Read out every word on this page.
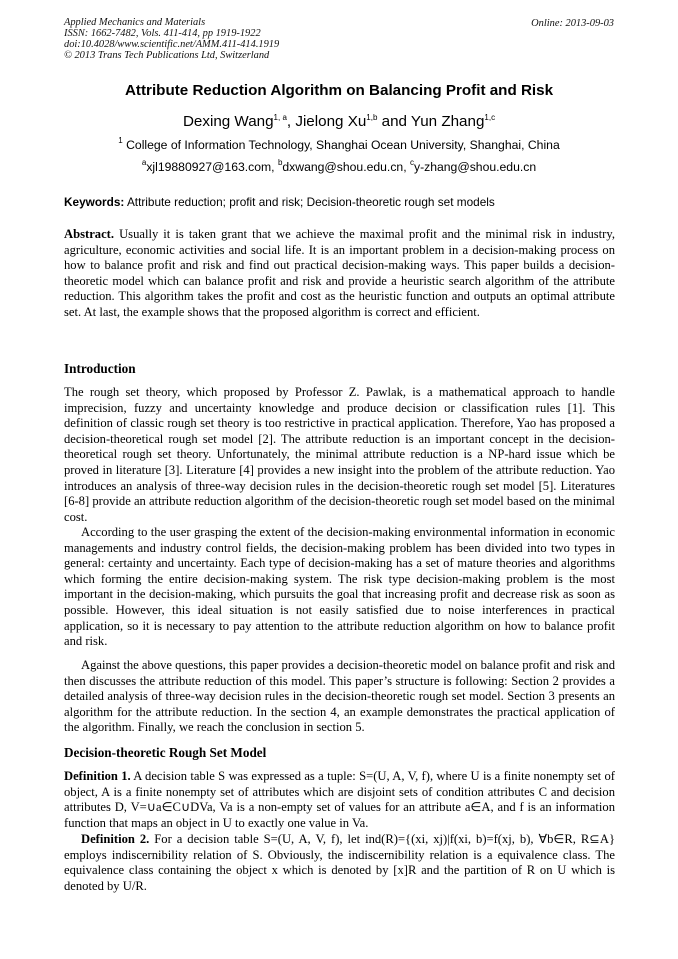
Applied Mechanics and Materials
ISSN: 1662-7482, Vols. 411-414, pp 1919-1922
doi:10.4028/www.scientific.net/AMM.411-414.1919
© 2013 Trans Tech Publications Ltd, Switzerland
Online: 2013-09-03
Attribute Reduction Algorithm on Balancing Profit and Risk
Dexing Wang$^{1, a}$, Jielong Xu$^{1,b}$ and Yun Zhang$^{1,c}$
$^1$ College of Information Technology, Shanghai Ocean University, Shanghai, China
$^a$xjl19880927@163.com, $^b$dxwang@shou.edu.cn, $^c$y-zhang@shou.edu.cn
Keywords: Attribute reduction; profit and risk; Decision-theoretic rough set models
Abstract. Usually it is taken grant that we achieve the maximal profit and the minimal risk in industry, agriculture, economic activities and social life. It is an important problem in a decision-making process on how to balance profit and risk and find out practical decision-making ways. This paper builds a decision-theoretic model which can balance profit and risk and provide a heuristic search algorithm of the attribute reduction. This algorithm takes the profit and cost as the heuristic function and outputs an optimal attribute set. At last, the example shows that the proposed algorithm is correct and efficient.
Introduction
The rough set theory, which proposed by Professor Z. Pawlak, is a mathematical approach to handle imprecision, fuzzy and uncertainty knowledge and produce decision or classification rules [1]. This definition of classic rough set theory is too restrictive in practical application. Therefore, Yao has proposed a decision-theoretical rough set model [2]. The attribute reduction is an important concept in the decision-theoretical rough set theory. Unfortunately, the minimal attribute reduction is a NP-hard issue which be proved in literature [3]. Literature [4] provides a new insight into the problem of the attribute reduction. Yao introduces an analysis of three-way decision rules in the decision-theoretic rough set model [5]. Literatures [6-8] provide an attribute reduction algorithm of the decision-theoretic rough set model based on the minimal cost.
According to the user grasping the extent of the decision-making environmental information in economic managements and industry control fields, the decision-making problem has been divided into two types in general: certainty and uncertainty. Each type of decision-making has a set of mature theories and algorithms which forming the entire decision-making system. The risk type decision-making problem is the most important in the decision-making, which pursuits the goal that increasing profit and decrease risk as soon as possible. However, this ideal situation is not easily satisfied due to noise interferences in practical application, so it is necessary to pay attention to the attribute reduction algorithm on how to balance profit and risk.
Against the above questions, this paper provides a decision-theoretic model on balance profit and risk and then discusses the attribute reduction of this model. This paper’s structure is following: Section 2 provides a detailed analysis of three-way decision rules in the decision-theoretic rough set model. Section 3 presents an algorithm for the attribute reduction. In the section 4, an example demonstrates the practical application of the algorithm. Finally, we reach the conclusion in section 5.
Decision-theoretic Rough Set Model
Definition 1. A decision table S was expressed as a tuple: S=(U, A, V, f), where U is a finite nonempty set of object, A is a finite nonempty set of attributes which are disjoint sets of condition attributes C and decision attributes D, V=∪a∈C∪DVa, Va is a non-empty set of values for an attribute a∈A, and f is an information function that maps an object in U to exactly one value in Va.
Definition 2. For a decision table S=(U, A, V, f), let ind(R)={(xi, xj)|f(xi, b)=f(xj, b), ∀b∈R, R⊆A} employs indiscernibility relation of S. Obviously, the indiscernibility relation is a equivalence class. The equivalence class containing the object x which is denoted by [x]R and the partition of R on U which is denoted by U/R.
